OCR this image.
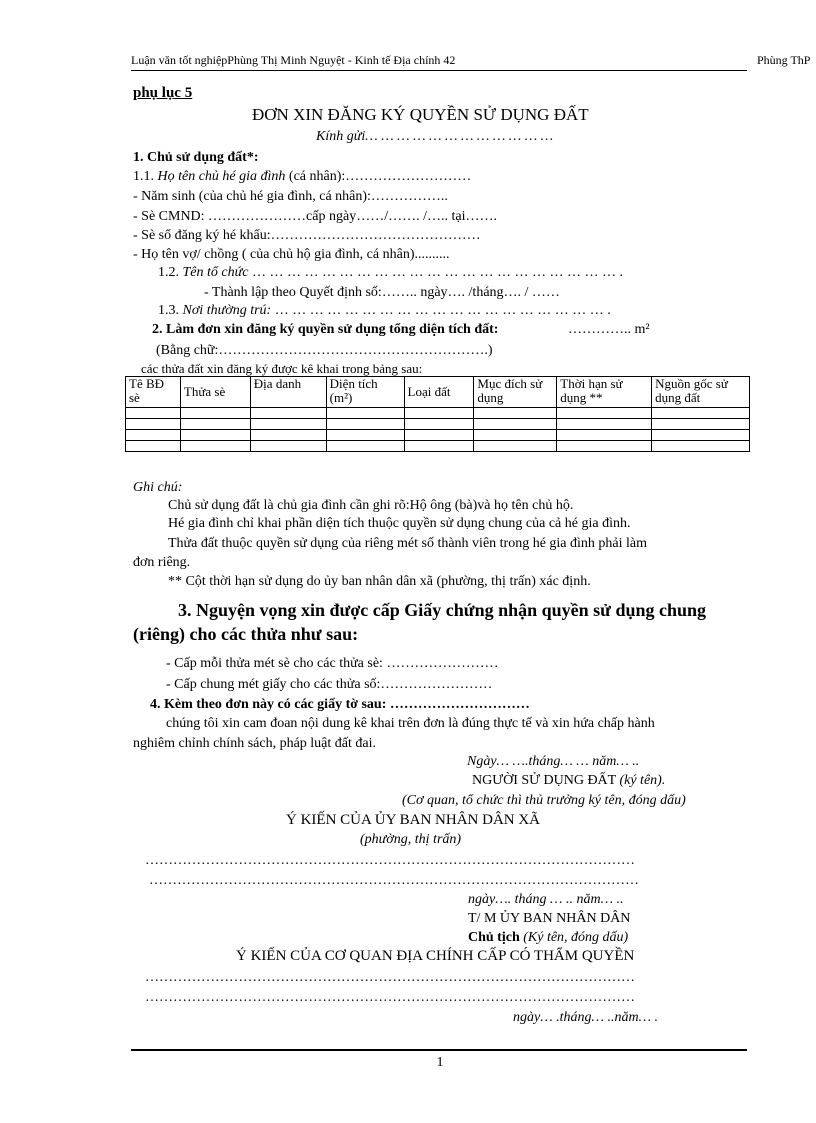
Luận văn tốt nghiệpPhùng Thị Minh Nguyệt - Kinh tế Địa chính 42	Phùng ThP
phụ lục 5
ĐƠN XIN ĐĂNG KÝ QUYỀN SỬ DỤNG ĐẤT
Kính gửi… … … … … … … … … … … …
1. Chủ sử dụng đất*:
1.1. Họ tên chủ hé gia đình (cá nhân):………………………
- Năm sinh (của chủ hé gia đình, cá nhân):……………..
- Sè CMND: …………………cấp ngày……/……. /….. tại…….
- Sè sổ đăng ký hé khẩu:………………………………………
- Họ tên vợ/ chồng ( của chủ hộ gia đình, cá nhân)..........
1.2. Tên tổ chức … … … … … … … … … … … … … … … … … … … … … .
- Thành lập theo Quyết định số:…….. ngày…. /tháng…. / ……
1.3. Nơi thường trú: … … … … … … … … … … … … … … … … … … … .
2. Làm đơn xin đăng ký quyền sử dụng tổng diện tích đất:	………….. m²
(Bằng chữ:………………………………………………….)
các thửa đất xin đăng ký được kê khai trong bảng sau:
Tê BĐ sè	Thửa sè	Địa danh	Diện tích (m²)	Loại đất	Mục đích sử dụng	Thời hạn sử dụng **	Nguồn gốc sử dụng đất

Ghi chú:
Chủ sử dụng đất là chủ gia đình cần ghi rõ:Hộ ông (bà)và họ tên chủ hộ.
Hé gia đình chỉ khai phần diện tích thuộc quyền sử dụng chung của cả hé gia đình.
Thửa đất thuộc quyền sử dụng của riêng mét số thành viên trong hé gia đình phải làm
đơn riêng.
** Cột thời hạn sử dụng do ủy ban nhân dân xã (phường, thị trấn) xác định.
3. Nguyện vọng xin được cấp Giấy chứng nhận quyền sử dụng chung
(riêng) cho các thửa như sau:
- Cấp mỗi thửa mét sè cho các thửa sè: ……………………
- Cấp chung mét giấy cho các thửa số:……………………
4. Kèm theo đơn này có các giấy tờ sau: …………………………
chúng tôi xin cam đoan nội dung kê khai trên đơn là đúng thực tế và xin hứa chấp hành
nghiêm chỉnh chính sách, pháp luật đất đai.
Ngày… ….tháng… … năm… ..
NGƯỜI SỬ DỤNG ĐẤT (ký tên).
(Cơ quan, tổ chức thì thủ trưởng ký tên, đóng dấu)
Ý KIẾN CỦA ỦY BAN NHÂN DÂN XÃ
(phường, thị trấn)
……………………………………………………………………………………………
……………………………………………………………………………………………
ngày…. tháng … .. năm… ..
T/ M ỦY BAN NHÂN DÂN
Chủ tịch (Ký tên, đóng dấu)
Ý KIẾN CỦA CƠ QUAN ĐỊA CHÍNH CẤP CÓ THẨM QUYỀN
……………………………………………………………………………………………
……………………………………………………………………………………………
ngày… .tháng… ..năm… .
1
